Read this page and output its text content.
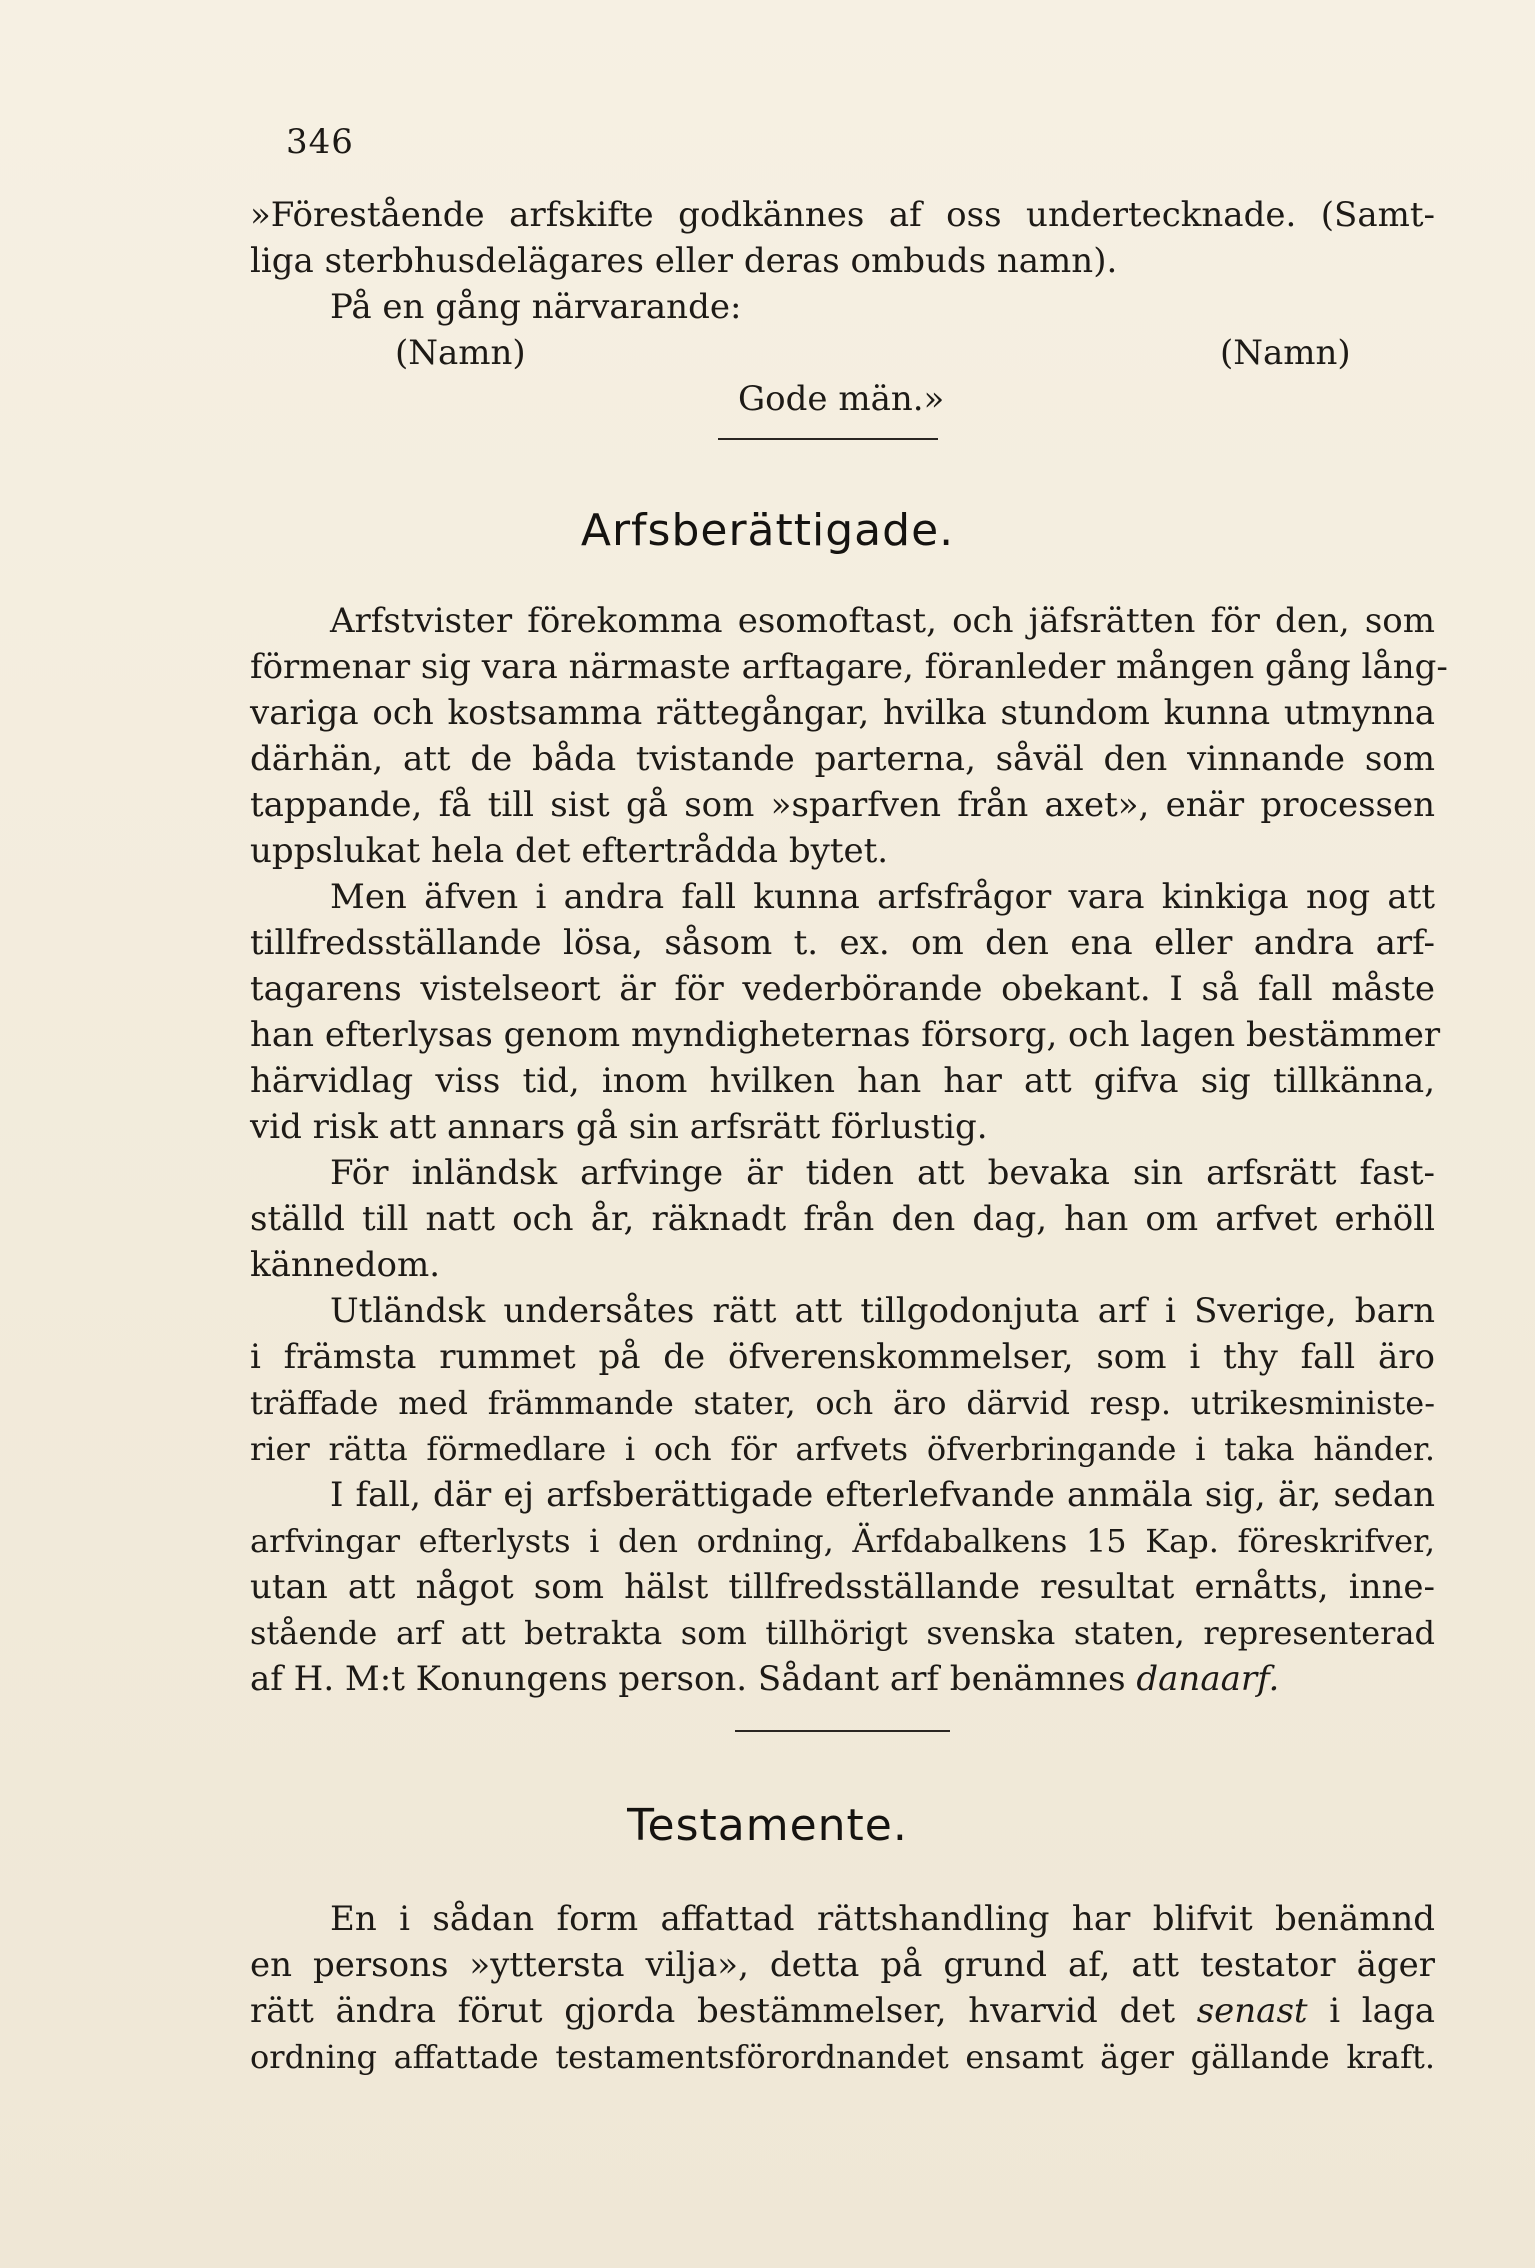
346
»Förestående arfskifte godkännes af oss undertecknade. (Samt-
liga sterbhusdelägares eller deras ombuds namn).
På en gång närvarande:
(Namn)	(Namn)
Gode män.»
Arfsberättigade.
Arfstvister förekomma esomoftast, och jäfsrätten för den, som
förmenar sig vara närmaste arftagare, föranleder mången gång lång-
variga och kostsamma rättegångar, hvilka stundom kunna utmynna
därhän, att de båda tvistande parterna, såväl den vinnande som
tappande, få till sist gå som »sparfven från axet», enär processen
uppslukat hela det eftertrådda bytet.
Men äfven i andra fall kunna arfsfrågor vara kinkiga nog att
tillfredsställande lösa, såsom t. ex. om den ena eller andra arf-
tagarens vistelseort är för vederbörande obekant. I så fall måste
han efterlysas genom myndigheternas försorg, och lagen bestämmer
härvidlag viss tid, inom hvilken han har att gifva sig tillkänna,
vid risk att annars gå sin arfsrätt förlustig.
För inländsk arfvinge är tiden att bevaka sin arfsrätt fast-
ställd till natt och år, räknadt från den dag, han om arfvet erhöll
kännedom.
Utländsk undersåtes rätt att tillgodonjuta arf i Sverige, barn
i främsta rummet på de öfverenskommelser, som i thy fall äro
träffade med främmande stater, och äro därvid resp. utrikesministe-
rier rätta förmedlare i och för arfvets öfverbringande i taka händer.
I fall, där ej arfsberättigade efterlefvande anmäla sig, är, sedan
arfvingar efterlysts i den ordning, Ärfdabalkens 15 Kap. föreskrifver,
utan att något som hälst tillfredsställande resultat ernåtts, inne-
stående arf att betrakta som tillhörigt svenska staten, representerad
af H. M:t Konungens person. Sådant arf benämnes danaarf.
Testamente.
En i sådan form affattad rättshandling har blifvit benämnd
en persons »yttersta vilja», detta på grund af, att testator äger
rätt ändra förut gjorda bestämmelser, hvarvid det senast i laga
ordning affattade testamentsförordnandet ensamt äger gällande kraft.
